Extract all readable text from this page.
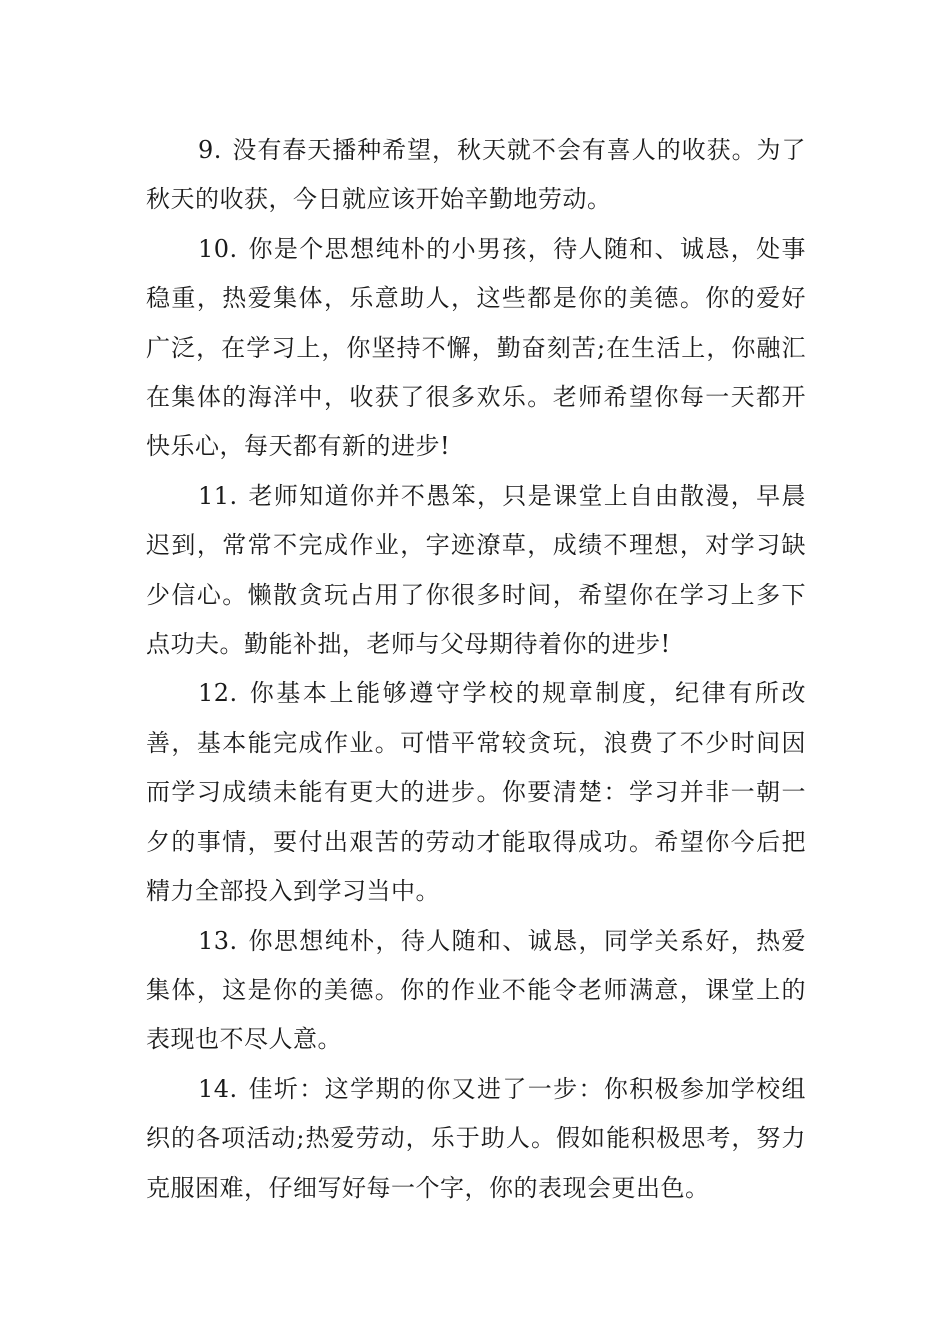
9. 没有春天播种希望，秋天就不会有喜人的收获。为了秋天的收获，今日就应该开始辛勤地劳动。

10. 你是个思想纯朴的小男孩，待人随和、诚恳，处事稳重，热爱集体，乐意助人，这些都是你的美德。你的爱好广泛，在学习上，你坚持不懈，勤奋刻苦;在生活上，你融汇在集体的海洋中，收获了很多欢乐。老师希望你每一天都开快乐心，每天都有新的进步!

11. 老师知道你并不愚笨，只是课堂上自由散漫，早晨迟到，常常不完成作业，字迹潦草，成绩不理想，对学习缺少信心。懒散贪玩占用了你很多时间，希望你在学习上多下点功夫。勤能补拙，老师与父母期待着你的进步!

12. 你基本上能够遵守学校的规章制度，纪律有所改善，基本能完成作业。可惜平常较贪玩，浪费了不少时间因而学习成绩未能有更大的进步。你要清楚：学习并非一朝一夕的事情，要付出艰苦的劳动才能取得成功。希望你今后把精力全部投入到学习当中。

13. 你思想纯朴，待人随和、诚恳，同学关系好，热爱集体，这是你的美德。你的作业不能令老师满意，课堂上的表现也不尽人意。

14. 佳圻：这学期的你又进了一步：你积极参加学校组织的各项活动;热爱劳动，乐于助人。假如能积极思考，努力克服困难，仔细写好每一个字，你的表现会更出色。
